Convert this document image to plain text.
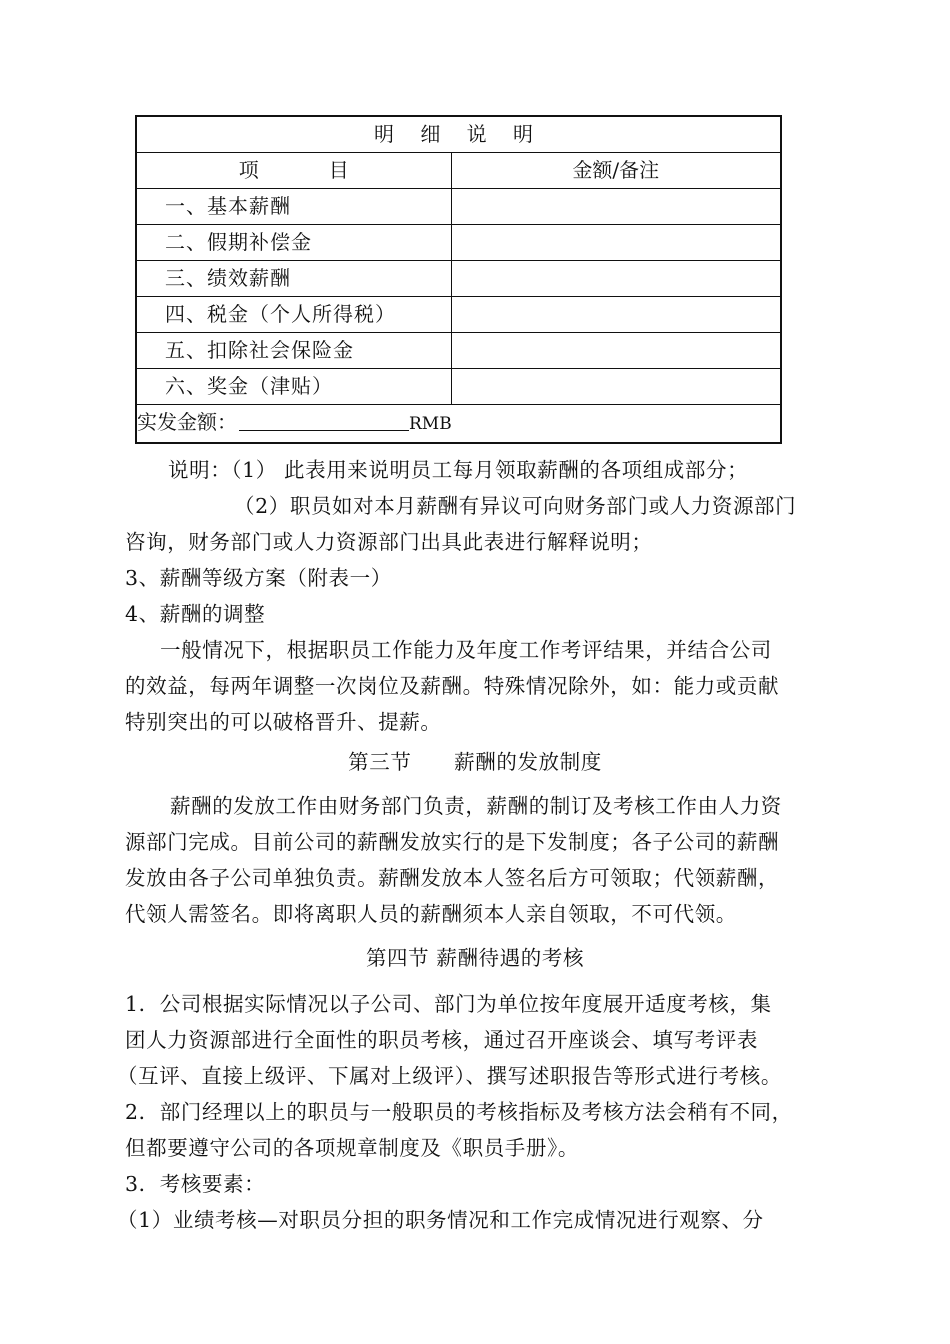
明 细 说 明	
项 目	金额/备注
一、基本薪酬	
二、假期补偿金	
三、绩效薪酬	
四、税金（个人所得税）	
五、扣除社会保险金	
六、奖金（津贴）	
实发金额： RMB	
说明：（1） 此表用来说明员工每月领取薪酬的各项组成部分；
（2）职员如对本月薪酬有异议可向财务部门或人力资源部门
咨询，财务部门或人力资源部门出具此表进行解释说明；
3、薪酬等级方案（附表一）
4、薪酬的调整
一般情况下，根据职员工作能力及年度工作考评结果，并结合公司
的效益，每两年调整一次岗位及薪酬。特殊情况除外，如：能力或贡献
特别突出的可以破格晋升、提薪。
第三节      薪酬的发放制度
薪酬的发放工作由财务部门负责，薪酬的制订及考核工作由人力资
源部门完成。目前公司的薪酬发放实行的是下发制度；各子公司的薪酬
发放由各子公司单独负责。薪酬发放本人签名后方可领取；代领薪酬，
代领人需签名。即将离职人员的薪酬须本人亲自领取，不可代领。
第四节 薪酬待遇的考核
1．公司根据实际情况以子公司、部门为单位按年度展开适度考核，集
团人力资源部进行全面性的职员考核，通过召开座谈会、填写考评表
（互评、直接上级评、下属对上级评）、撰写述职报告等形式进行考核。
2．部门经理以上的职员与一般职员的考核指标及考核方法会稍有不同，
但都要遵守公司的各项规章制度及《职员手册》。
3．考核要素：
（1）业绩考核—对职员分担的职务情况和工作完成情况进行观察、分
